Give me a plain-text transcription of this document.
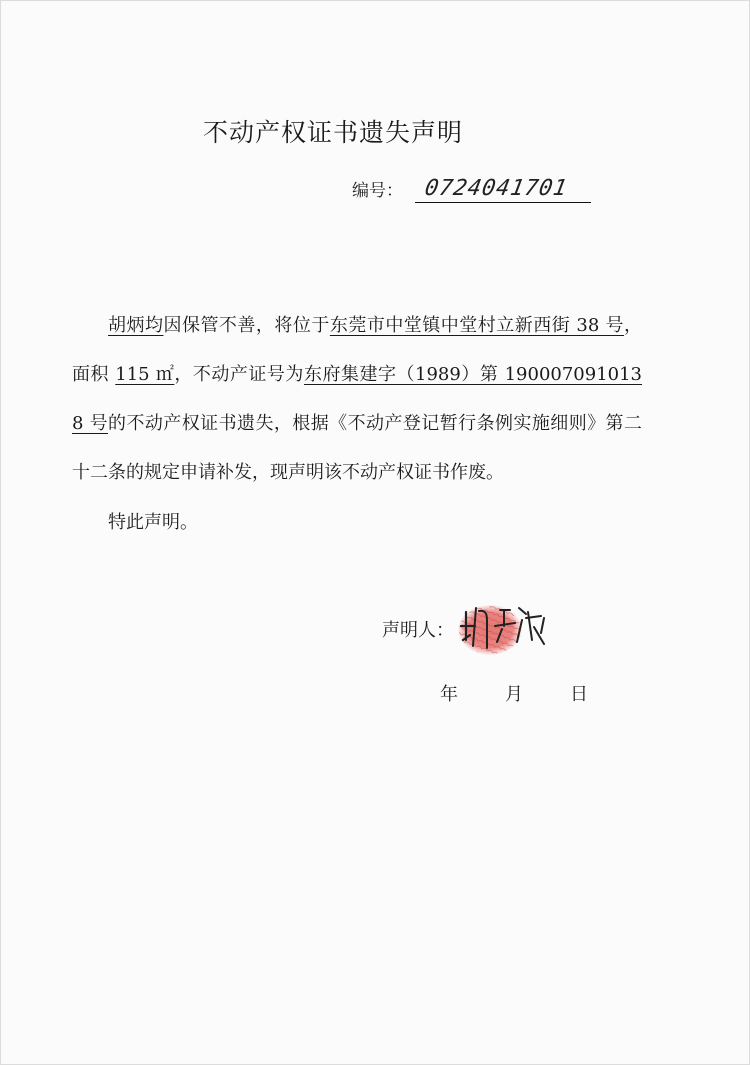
不动产权证书遗失声明
编号： 0724041701

胡炳均因保管不善，将位于东莞市中堂镇中堂村立新西街 38 号，面积 115 ㎡，不动产证号为东府集建字（1989）第 1900070910138 号的不动产权证书遗失，根据《不动产登记暂行条例实施细则》第二十二条的规定申请补发，现声明该不动产权证书作废。

特此声明。
声明人：
年	月	日
